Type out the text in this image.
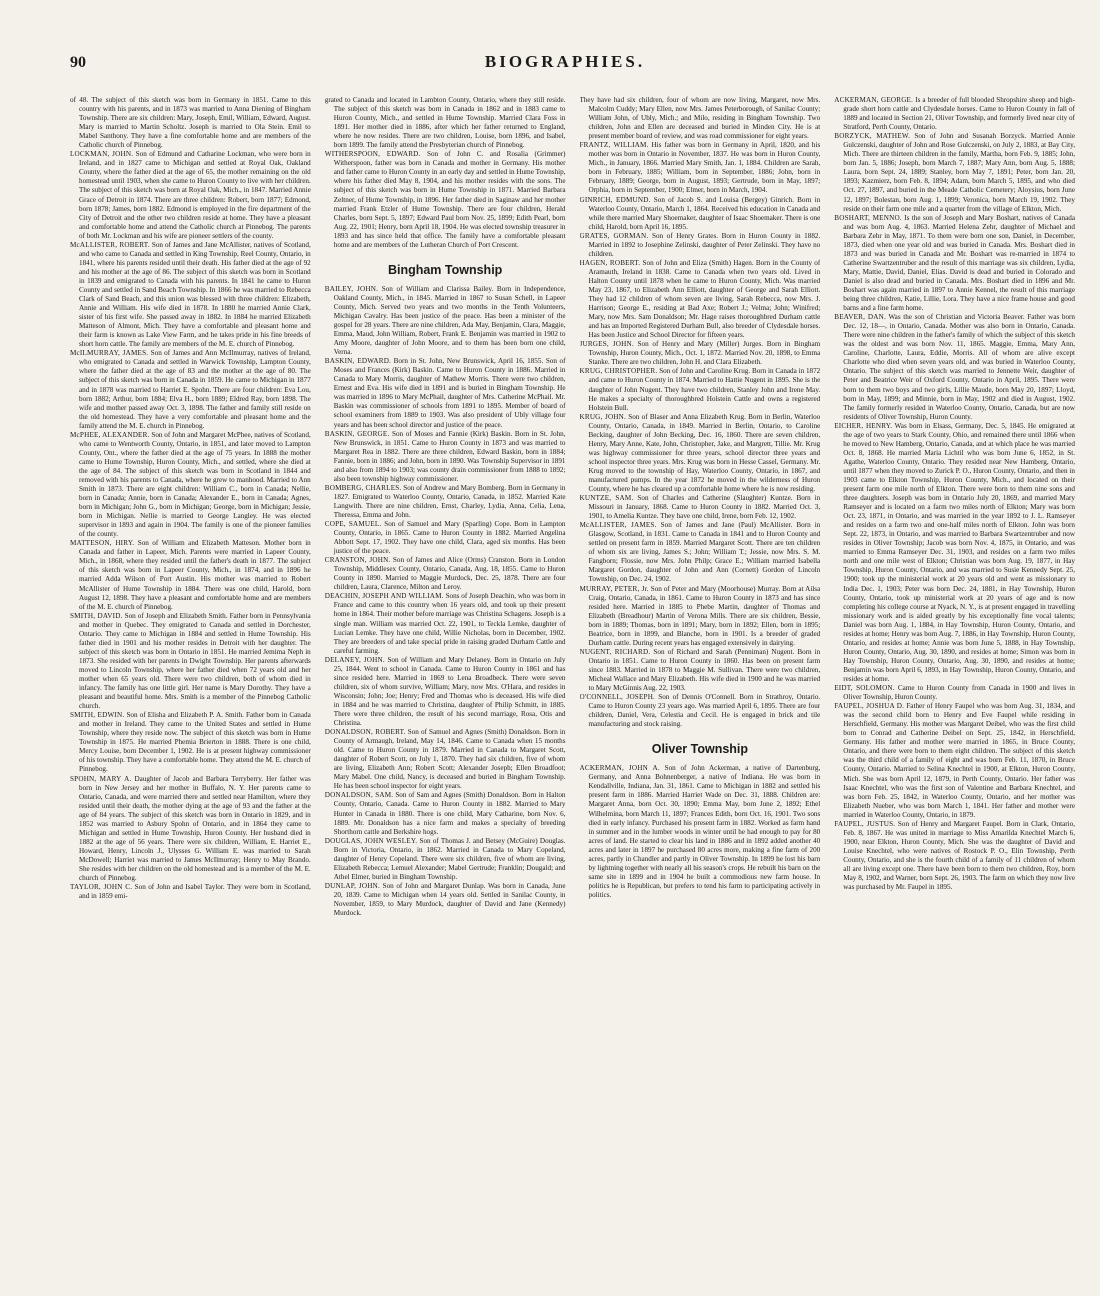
90	BIOGRAPHIES.

of 48. The subject of this sketch was born in Germany in 1851. Came to this country with his parents, and in 1873 was married to Anna Diening of Bingham Township. There are six children: Mary, Joseph, Emil, William, Edward, August. Mary is married to Martin Scholtz. Joseph is married to Ola Stein. Emil to Mabel Santhony. They have a fine comfortable home and are members of the Catholic church of Pinnebog.

LOCKMAN, JOHN. Son of Edmund and Catharine Lockman, who were born in Ireland, and in 1827 came to Michigan and settled at Royal Oak, Oakland County, where the father died at the age of 65, the mother remaining on the old homestead until 1903, when she came to Huron County to live with her children. The subject of this sketch was born at Royal Oak, Mich., in 1847. Married Annie Grace of Detroit in 1874. There are three children: Robert, born 1877; Edmond, born 1878; James, born 1882. Edmond is employed in the fire department of the City of Detroit and the other two children reside at home. They have a pleasant and comfortable home and attend the Catholic church at Pinnebog. The parents of both Mr. Lockman and his wife are pioneer settlers of the county.

McALLISTER, ROBERT. Son of James and Jane McAllister, natives of Scotland, and who came to Canada and settled in King Township, Reel County, Ontario, in 1841, where his parents resided until their death. His father died at the age of 92 and his mother at the age of 86. The subject of this sketch was born in Scotland in 1839 and emigrated to Canada with his parents. In 1841 he came to Huron County and settled in Sand Beach Township. In 1866 he was married to Rebecca Clark of Sand Beach, and this union was blessed with three children: Elizabeth, Annie and William. His wife died in 1878. In 1880 he married Annie Clark, sister of his first wife. She passed away in 1882. In 1884 he married Elizabeth Matteson of Almont, Mich. They have a comfortable and pleasant home and their farm is known as Lake View Farm, and he takes pride in his fine breeds of short horn cattle. The family are members of the M. E. church of Pinnebog.

McILMURRAY, JAMES. Son of James and Ann McIlmurray, natives of Ireland, who emigrated to Canada and settled in Warwick Township, Lampton County, where the father died at the age of 83 and the mother at the age of 80. The subject of this sketch was born in Canada in 1859. He came to Michigan in 1877 and in 1878 was married to Harriet E. Spohn. There are four children: Eva Lou, born 1882; Arthur, born 1884; Elva H., born 1889; Eldred Ray, born 1898. The wife and mother passed away Oct. 3, 1898. The father and family still reside on the old homestead. They have a very comfortable and pleasant home and the family attend the M. E. church in Pinnebog.

McPHEE, ALEXANDER. Son of John and Margaret McPhee, natives of Scotland, who came to Wentworth County, Ontario, in 1851, and later moved to Lampton County, Ont., where the father died at the age of 75 years. In 1888 the mother came to Hume Township, Huron County, Mich., and settled, where she died at the age of 84. The subject of this sketch was born in Scotland in 1844 and removed with his parents to Canada, where he grew to manhood. Married to Ann Smith in 1873. There are eight children: William C., born in Canada; Nellie, born in Canada; Annie, born in Canada; Alexander E., born in Canada; Agnes, born in Michigan; John G., born in Michigan; George, born in Michigan; Jessie, born in Michigan. Nellie is married to George Langley. He was elected supervisor in 1893 and again in 1904. The family is one of the pioneer families of the county.

MATTESON, HIRY. Son of William and Elizabeth Matteson. Mother born in Canada and father in Lapeer, Mich. Parents were married in Lapeer County, Mich., in 1868, where they resided until the father's death in 1877. The subject of this sketch was born in Lapeer County, Mich., in 1874, and in 1896 he married Adda Wilson of Port Austin. His mother was married to Robert McAllister of Hume Township in 1884. There was one child, Harold, born August 12, 1898. They have a pleasant and comfortable home and are members of the M. E. church of Pinnebog.

SMITH, DAVID. Son of Joseph and Elizabeth Smith. Father born in Pennsylvania and mother in Quebec. They emigrated to Canada and settled in Dorchester, Ontario. They came to Michigan in 1884 and settled in Hume Township. His father died in 1901 and his mother resides in Detroit with her daughter. The subject of this sketch was born in Ontario in 1851. He married Jemima Neph in 1873. She resided with her parents in Dwight Township. Her parents afterwards moved to Lincoln Township, where her father died when 72 years old and her mother when 65 years old. There were two children, both of whom died in infancy. The family has one little girl. Her name is Mary Dorothy. They have a pleasant and beautiful home. Mrs. Smith is a member of the Pinnebog Catholic church.

SMITH, EDWIN. Son of Elisha and Elizabeth P. A. Smith. Father born in Canada and mother in Ireland. They came to the United States and settled in Hume Township, where they reside now. The subject of this sketch was born in Hume Township in 1875. He married Phemia Brierton in 1888. There is one child, Mercy Louise, born December 1, 1902. He is at present highway commissioner of his township. They have a comfortable home. They attend the M. E. church of Pinnebog.

SPOHN, MARY A. Daughter of Jacob and Barbara Terryberry. Her father was born in New Jersey and her mother in Buffalo, N. Y. Her parents came to Ontario, Canada, and were married there and settled near Hamilton, where they resided until their death, the mother dying at the age of 93 and the father at the age of 84 years. The subject of this sketch was born in Ontario in 1829, and in 1852 was married to Asbury Spohn of Ontario, and in 1864 they came to Michigan and settled in Hume Township, Huron County. Her husband died in 1882 at the age of 56 years. There were six children, William, E. Harriet E., Howard, Henry, Lincoln J., Ulysses G. William E. was married to Sarah McDowell; Harriet was married to James McIlmurray; Henry to May Brando. She resides with her children on the old homestead and is a member of the M. E. church of Pinnebog.

TAYLOR, JOHN C. Son of John and Isabel Taylor. They were born in Scotland, and in 1859 emi-

grated to Canada and located in Lambton County, Ontario, where they still reside. The subject of this sketch was born in Canada in 1862 and in 1883 came to Huron County, Mich., and settled in Hume Township. Married Clara Foss in 1891. Her mother died in 1886, after which her father returned to England, where he now resides. There are two children, Louise, born 1896, and Isabel, born 1899. The family attend the Presbyterian church of Pinnebog.

WITHERSPOON, EDWARD. Son of John C. and Rosalia (Grimmer) Witherspoon, father was born in Canada and mother in Germany. His mother and father came to Huron County in an early day and settled in Hume Township, where his father died May 8, 1904, and his mother resides with the sons. The subject of this sketch was born in Hume Township in 1871. Married Barbara Zeltner, of Hume Township, in 1896. Her father died in Saginaw and her mother married Frank Etzler of Hume Township. There are four children, Herald Charles, born Sept. 5, 1897; Edward Paul born Nov. 25, 1899; Edith Pearl, born Aug. 22, 1901; Henry, born April 18, 1904. He was elected township treasurer in 1893 and has since held that office. The family have a comfortable pleasant home and are members of the Lutheran Church of Port Crescent.

Bingham Township

BAILEY, JOHN. Son of William and Clarissa Bailey. Born in Independence, Oakland County, Mich., in 1845. Married in 1867 to Susan Schell, in Lapeer County, Mich. Served two years and two months in the Tenth Volunteers, Michigan Cavalry. Has been justice of the peace. Has been a minister of the gospel for 28 years. There are nine children, Ada May, Benjamin, Clara, Maggie, Emma, Maud, John William, Robert, Frank E. Benjamin was married in 1902 to Amy Moore, daughter of John Moore, and to them has been born one child, Verna.

BASKIN, EDWARD. Born in St. John, New Brunswick, April 16, 1855. Son of Moses and Frances (Kirk) Baskin. Came to Huron County in 1886. Married in Canada to Mary Morris, daughter of Mathew Morris. There were two children, Ernest and Eva. His wife died in 1891 and is buried in Bingham Township. He was married in 1896 to Mary McPhail, daughter of Mrs. Catherine McPhail. Mr. Baskin was commissioner of schools from 1891 to 1895. Member of board of school examiners from 1889 to 1903. Was also president of Ubly village four years and has been school director and justice of the peace.

BASKIN, GEORGE. Son of Moses and Fannie (Kirk) Baskin. Born in St. John, New Brunswick, in 1851. Came to Huron County in 1873 and was married to Margaret Rea in 1882. There are three children, Edward Baskin, born in 1884; Fannie, born in 1886; and John, born in 1890. Was Township Supervisor in 1891 and also from 1894 to 1903; was county drain commissioner from 1888 to 1892; also been township highway commissioner.

BOMBERG, CHARLES. Son of Andrew and Mary Bomberg. Born in Germany in 1827. Emigrated to Waterloo County, Ontario, Canada, in 1852. Married Kate Langwith. There are nine children, Ernst, Charley, Lydia, Anna, Celia, Lena, Theressa, Emma and John.

COPE, SAMUEL. Son of Samuel and Mary (Sparling) Cope. Born in Lampton County, Ontario, in 1865. Came to Huron County in 1882. Married Angelina Abbott Sept. 17, 1902. They have one child, Clara, aged six months. Has been justice of the peace.

CRANSTON, JOHN. Son of James and Alice (Orms) Cranston. Born in London Township, Middlesex County, Ontario, Canada, Aug. 18, 1855. Came to Huron County in 1890. Married to Maggie Murdock, Dec. 25, 1878. There are four children, Laura, Clarence, Milton and Leroy.

DEACHIN, JOSEPH AND WILLIAM. Sons of Joseph Deachin, who was born in France and came to this country when 16 years old, and took up their present home in 1864. Their mother before marriage was Christina Schagens. Joseph is a single man. William was married Oct. 22, 1901, to Teckla Lemke, daughter of Lucian Lemke. They have one child, Willie Nicholas, born in December, 1902. They are breeders of and take special pride in raising graded Durham Cattle and careful farming.

DELANEY, JOHN. Son of William and Mary Delaney. Born in Ontario on July 25, 1844. Went to school in Canada. Came to Huron County in 1861 and has since resided here. Married in 1869 to Lena Broadbeck. There were seven children, six of whom survive, William; Mary, now Mrs. O'Hara, and resides in Wisconsin; John; Joe; Henry; Fred and Thomas who is deceased. His wife died in 1884 and he was married to Christina, daughter of Philip Schmitt, in 1885. There were three children, the result of his second marriage, Rosa, Otis and Christina.

DONALDSON, ROBERT. Son of Samuel and Agnes (Smith) Donaldson. Born in County of Armaugh, Ireland, May 14, 1846. Came to Canada when 15 months old. Came to Huron County in 1879. Married in Canada to Margaret Scott, daughter of Robert Scott, on July 1, 1870. They had six children, five of whom are living, Elizabeth Ann; Robert Scott; Alexander Joseph; Ellen Broadfoot; Mary Mabel. One child, Nancy, is deceased and buried in Bingham Township. He has been school inspector for eight years.

DONALDSON, SAM. Son of Sam and Agnes (Smith) Donaldson. Born in Halton County, Ontario, Canada. Came to Huron County in 1882. Married to Mary Hunter in Canada in 1880. There is one child, Mary Catharine, born Nov. 6, 1889. Mr. Donaldson has a nice farm and makes a specialty of breeding Shorthorn cattle and Berkshire hogs.

DOUGLAS, JOHN WESLEY. Son of Thomas J. and Betsey (McGuire) Douglas. Born in Victoria, Ontario, in 1862. Married in Canada to Mary Copeland, daughter of Henry Copeland. There were six children, five of whom are living, Elizabeth Rebecca; Lemuel Alexander; Mabel Gertrude; Franklin; Dougald; and Athel Elmer, buried in Bingham Township.

DUNLAP, JOHN. Son of John and Margaret Dunlap. Was born in Canada, June 20, 1839. Came to Michigan when 14 years old. Settled in Sanilac County, in November, 1859, to Mary Murdock, daughter of David and Jane (Kennedy) Murdock.

They have had six children, four of whom are now living, Margaret, now Mrs. Malcolm Cuddy; Mary Ellen, now Mrs. James Peterborough, of Sanilac County; William John, of Ubly, Mich.; and Milo, residing in Bingham Township. Two children, John and Ellen are deceased and buried in Minden City. He is at present member board of review, and was road commissioner for eight years.

FRANTZ, WILLIAM. His father was born in Germany in April, 1820, and his mother was born in Ontario in November, 1837. He was born in Huron County, Mich., in January, 1866. Married Mary Smith, Jan. 1, 1884. Children are Sarah, born in February, 1885; William, born in September, 1886; John, born in February, 1889; George, born in August, 1893; Gertrude, born in May, 1897; Orphia, born in September, 1900; Elmer, born in March, 1904.

GINRICH, EDMUND. Son of Jacob S. and Louisa (Bergey) Ginrich. Born in Waterloo County, Ontario, March 1, 1864. Received his education in Canada and while there married Mary Shoemaker, daughter of Isaac Shoemaker. There is one child, Harold, born April 16, 1895.

GRATES, GORMAN. Son of Henry Grates. Born in Huron County in 1882. Married in 1892 to Josephine Zelinski, daughter of Peter Zelinski. They have no children.

HAGEN, ROBERT. Son of John and Eliza (Smith) Hagen. Born in the County of Aramauth, Ireland in 1838. Came to Canada when two years old. Lived in Halton County until 1878 when he came to Huron County, Mich. Was married May 23, 1867, to Elizabeth Ann Elliott, daughter of George and Sarah Elliott. They had 12 children of whom seven are living, Sarah Rebecca, now Mrs. J. Harrison; George E., residing at Bad Axe; Robert J.; Velma; John; Winifred; Mary, now Mrs. Sam Donaldson; Mr. Hage raises thoroughbred Durham cattle and has an Imported Registered Durham Bull, also breeder of Clydesdale horses. Has been Justice and School Director for fifteen years.

JURGES, JOHN. Son of Henry and Mary (Miller) Jurges. Born in Bingham Township, Huron County, Mich., Oct. 1, 1872. Married Nov. 20, 1898, to Emma Stanke. There are two children, John H. and Clara Elizabeth.

KRUG, CHRISTOPHER. Son of John and Caroline Krug. Born in Canada in 1872 and came to Huron County in 1874. Married to Hattie Nugent in 1895. She is the daughter of John Nugent. They have two children, Stanley John and Irene May. He makes a specialty of thoroughbred Holstein Cattle and owns a registered Holstein Bull.

KRUG, JOHN. Son of Blaser and Anna Elizabeth Krug. Born in Berlin, Waterloo County, Ontario, Canada, in 1849. Married in Berlin, Ontario, to Caroline Becking, daughter of John Becking, Dec. 16, 1860. There are seven children, Henry, Mary Anne, Kate, John, Christopher, Jake, and Margrett, Tillie. Mr. Krug was highway commissioner for three years, school director three years and school inspector three years. Mrs. Krug was born in Hesse Cassel, Germany. Mr. Krug moved to the township of Hay, Waterloo County, Ontario, in 1867, and manufactured pumps. In the year 1872 he moved in the wilderness of Huron County, where he has cleared up a comfortable home where he is now residing.

KUNTZE, SAM. Son of Charles and Catherine (Slaughter) Kuntze. Born in Missouri in January, 1868. Came to Huron County in 1882. Married Oct. 3, 1901, to Amelia Kuntze. They have one child, Irene, born Feb. 12, 1902.

McALLISTER, JAMES. Son of James and Jane (Paul) McAllister. Born in Glasgow, Scotland, in 1831. Came to Canada in 1841 and to Huron County and settled on present farm in 1859. Married Margaret Scott. There are ten children of whom six are living, James S.; John; William T.; Jessie, now Mrs. S. M. Fangborn; Flossie, now Mrs. John Philp; Grace E.; William married Isabella Margaret Gordon, daughter of John and Ann (Cornett) Gordon of Lincoln Township, on Dec. 24, 1902.

MURRAY, PETER, Jr. Son of Peter and Mary (Moorhouse) Murray. Born at Ailsa Craig, Ontario, Canada, in 1861. Came to Huron County in 1873 and has since resided here. Married in 1885 to Phebe Martin, daughter of Thomas and Elizabeth (Breadhour) Martin of Verona Mills. There are six children, Bessie, born in 1889; Thomas, born in 1891; Mary, born in 1892; Ellen, born in 1895; Beatrice, born in 1899, and Blanche, born in 1901. Is a breeder of graded Durham cattle. During recent years has engaged extensively in dairying.

NUGENT, RICHARD. Son of Richard and Sarah (Penniman) Nugent. Born in Ontario in 1851. Came to Huron County in 1860. Has been on present farm since 1883. Married in 1878 to Maggie M. Sullivan. There were two children, Micheal Wallace and Mary Elizabeth. His wife died in 1900 and he was married to Mary McGinnis Aug. 22, 1903.

O'CONNELL, JOSEPH. Son of Dennis O'Connell. Born in Strathroy, Ontario. Came to Huron County 23 years ago. Was married April 6, 1895. There are four children, Daniel, Vera, Celestia and Cecil. He is engaged in brick and tile manufacturing and stock raising.

Oliver Township

ACKERMAN, JOHN A. Son of John Ackerman, a native of Dartenburg, Germany, and Anna Bohnenberger, a native of Indiana. He was born in Kendallville, Indiana, Jan. 31, 1861. Came to Michigan in 1882 and settled his present farm in 1886. Married Harriet Wade on Dec. 31, 1888. Children are: Margaret Anna, born Oct. 30, 1890; Emma May, born June 2, 1892; Ethel Wilhelmina, born March 11, 1897; Frances Edith, born Oct. 16, 1901. Two sons died in early infancy. Purchased his present farm in 1882. Worked as farm hand in summer and in the lumber woods in winter until he had enough to pay for 80 acres of land. He started to clear his land in 1886 and in 1892 added another 40 acres and later in 1897 he purchased 80 acres more, making a fine farm of 200 acres, partly in Chandler and partly in Oliver Township. In 1899 he lost his barn by lightning together with nearly all his season's crops. He rebuilt his barn on the same site in 1899 and in 1904 he built a commodious new farm house. In politics he is Republican, but prefers to tend his farm to participating actively in politics.

ACKERMAN, GEORGE. Is a breeder of full blooded Shropshire sheep and high-grade short horn cattle and Clydesdale horses. Came to Huron County in fall of 1889 and located in Section 21, Oliver Township, and formerly lived near city of Stratford, Perth County, Ontario.

BORZYCK, MATHEW. Son of John and Susanah Borzyck. Married Annie Gulczenski, daughter of John and Rose Gulczenski, on July 2, 1883, at Bay City, Mich. There are thirteen children in the family, Martha, born Feb. 9, 1885; John, born Jan. 5, 1886; Joseph, born March 7, 1887; Mary Ann, born Aug. 5, 1888; Laura, born Sept. 24, 1889; Stanley, born May 7, 1891; Peter, born Jan. 20, 1893; Kazmierz, born Feb. 8, 1894; Adam, born March 5, 1895, and who died Oct. 27, 1897, and buried in the Meade Catholic Cemetery; Aloysius, born June 12, 1897; Bolestan, born Aug. 1, 1899; Veronica, born March 19, 1902. They reside on their farm one mile and a quarter from the village of Elkton, Mich.

BOSHART, MENNO. Is the son of Joseph and Mary Boshart, natives of Canada and was born Aug. 4, 1863. Married Helena Zehr, daughter of Michael and Barbara Zehr in May, 1871. To them were born one son, Daniel, in December, 1873, died when one year old and was buried in Canada. Mrs. Boshart died in 1873 and was buried in Canada and Mr. Boshart was re-married in 1874 to Catherine Swartzentruber and the result of this marriage was six children, Lydia, Mary, Mattie, David, Daniel, Elias. David is dead and buried in Colorado and Daniel is also dead and buried in Canada. Mrs. Boshart died in 1896 and Mr. Boshart was again married in 1897 to Annie Kennel, the result of this marriage being three children, Katie, Lillie, Lora. They have a nice frame house and good barns and a fine farm home.

BEAVER, DAN. Was the son of Christian and Victoria Beaver. Father was born Dec. 12, 18—, in Ontario, Canada. Mother was also born in Ontario, Canada. There were nine children in the father's family of which the subject of this sketch was the oldest and was born Nov. 11, 1865. Maggie, Emma, Mary Ann, Caroline, Charlotte, Laura, Eddie, Morris. All of whom are alive except Charlotte who died when seven years old, and was buried in Waterloo County, Ontario. The subject of this sketch was married to Jennette Weir, daughter of Peter and Beatrice Weir of Oxford County, Ontario in April, 1895. There were born to them two boys and two girls, Lillie Maude, born May 20, 1897; Lloyd, born in May, 1899; and Minnie, born in May, 1902 and died in August, 1902. The family formerly resided in Waterloo County, Ontario, Canada, but are now residents of Oliver Township, Huron County.

EICHER, HENRY. Was born in Elsass, Germany, Dec. 5, 1845. He emigrated at the age of two years to Stark County, Ohio, and remained there until 1866 when he moved to New Hamberg, Ontario, Canada, and at which place he was married Oct. 8, 1868. He married Maria Lichtil who was born June 6, 1852, in St. Agathe, Waterloo County, Ontario. They resided near New Hamberg, Ontario, until 1877 when they moved to Zurick P. O., Huron County, Ontario, and then in 1903 came to Elkton Township, Huron County, Mich., and located on their present farm one mile north of Elkton. There were born to them nine sons and three daughters. Joseph was born in Ontario July 20, 1869, and married Mary Ramseyer and is located on a farm two miles north of Elkton; Mary was born Oct. 23, 1871, in Ontario, and was married in the year 1892 to J. L. Ramseyer and resides on a farm two and one-half miles north of Elkton. John was born Sept. 22, 1873, in Ontario, and was married to Barbara Swartzentruber and now resides in Oliver Township; Jacob was born Nov. 4, 1875, in Ontario, and was married to Emma Ramseyer Dec. 31, 1903, and resides on a farm two miles north and one mile west of Elkton; Christian was born Aug. 19, 1877, in Hay Township, Huron County, Ontario, and was married to Susie Kennedy Sept. 25, 1900; took up the ministerial work at 20 years old and went as missionary to India Dec. 1, 1903; Peter was born Dec. 24, 1881, in Hay Township, Huron County, Ontario, took up ministerial work at 20 years of age and is now completing his college course at Nyack, N. Y., is at present engaged in travelling missionary work and is aided greatly by his exceptionally fine vocal talents; Daniel was born Aug. 1, 1884, in Hay Township, Huron County, Ontario, and resides at home; Henry was born Aug. 7, 1886, in Hay Township, Huron County, Ontario, and resides at home; Annie was born June 5, 1888, in Hay Township, Huron County, Ontario, Aug. 30, 1890, and resides at home; Simon was born in Hay Township, Huron County, Ontario, Aug. 30, 1890, and resides at home; Benjamin was born April 6, 1893, in Hay Township, Huron County, Ontario, and resides at home.

EIDT, SOLOMON. Came to Huron County from Canada in 1900 and lives in Oliver Township, Huron County.

FAUPEL, JOSHUA D. Father of Henry Faupel who was born Aug. 31, 1834, and was the second child born to Henry and Eve Faupel while residing in Herschfield, Germany. His mother was Margaret Deibel, who was the first child born to Conrad and Catherine Deibel on Sept. 25, 1842, in Herschfield, Germany. His father and mother were married in 1865, in Bruce County, Ontario, and there were born to them eight children. The subject of this sketch was the third child of a family of eight and was born Feb. 11, 1870, in Bruce County, Ontario. Married to Selina Knechtel in 1900, at Elkton, Huron County, Mich. She was born April 12, 1879, in Perth County, Ontario. Her father was Isaac Knechtel, who was the first son of Valentine and Barbara Knechtel, and was born Feb. 25, 1842, in Waterloo County, Ontario, and her mother was Elizabeth Nueber, who was born March 1, 1841. Her father and mother were married in Waterloo County, Ontario, in 1879.

FAUPEL, JUSTUS. Son of Henry and Margaret Faupel. Born in Clark, Ontario, Feb. 8, 1867. He was united in marriage to Miss Amarilda Knechtel March 6, 1900, near Elkton, Huron County, Mich. She was the daughter of David and Louise Knechtel, who were natives of Rostock P. O., Elin Township, Perth County, Ontario, and she is the fourth child of a family of 11 children of whom all are living except one. There have been born to them two children, Roy, born May 8, 1902, and Warner, born Sept. 26, 1903. The farm on which they now live was purchased by Mr. Faupel in 1895.
